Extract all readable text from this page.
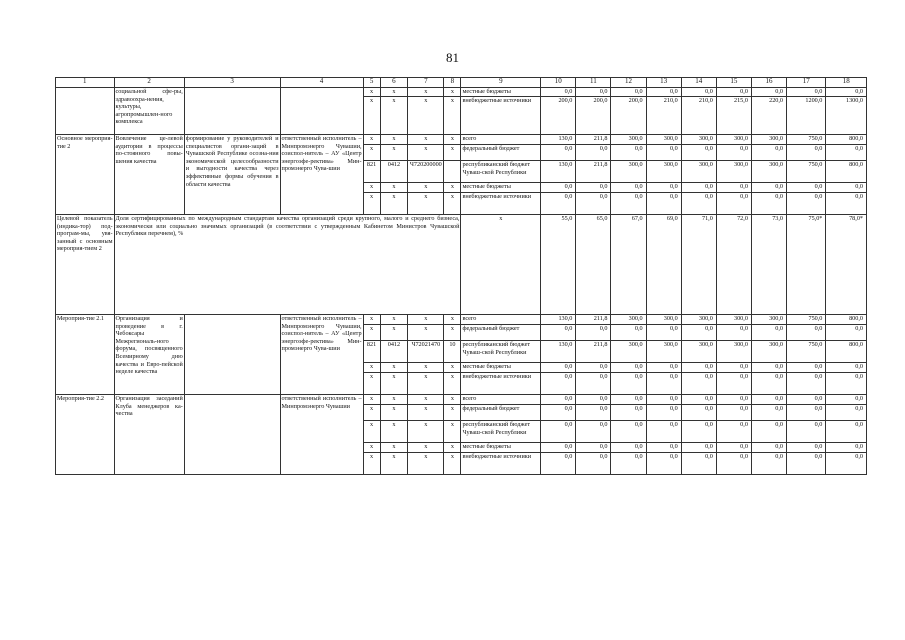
81
1	2	3	4	5	6	7	8	9	10	11	12	13	14	15	16	17	18
	социальной сфе-ры, здравоохра-нения, культуры, агропромышлен-ного комплекса			x	x	x	x	местные бюджеты	0,0	0,0	0,0	0,0	0,0	0,0	0,0	0,0	0,0
				x	x	x	x	внебюджетные источники	200,0	200,0	200,0	210,0	210,0	215,0	220,0	1200,0	1300,0
Основное мероприя-тие 2	Вовлечение це-левой аудитории в процессы по-стоянного повы-шения качества	формирование у руководителей и специалистов органи-заций в Чувашской Республике осозна-ния экономической целесообразности и выгодности качества через эффективные формы обучения в области качества	ответственный исполнитель – Минпромэнерго Чувашии, соиспол-нитель – АУ «Центр энергоэфе-ректива» Мин-промэнерго Чува-шии	x	x	x	x	всего	130,0	211,8	300,0	300,0	300,0	300,0	300,0	750,0	800,0
				x	x	x	x	федеральный бюджет	0,0	0,0	0,0	0,0	0,0	0,0	0,0	0,0	0,0
				821	0412	Ч720200000		республиканский бюджет Чуваш-ской Республики	130,0	211,8	300,0	300,0	300,0	300,0	300,0	750,0	800,0
				x	x	x	x	местные бюджеты	0,0	0,0	0,0	0,0	0,0	0,0	0,0	0,0	0,0
				x	x	x	x	внебюджетные источники	0,0	0,0	0,0	0,0	0,0	0,0	0,0	0,0	0,0
Целевой показатель (индика-тор) под-програм-мы, увя-занный с основным мероприя-тием 2	Доля сертифицированных по международным стандартам качества организаций среди крупного, малого и среднего бизнеса, экономически или социально значимых организаций (в соответствии с утвержденным Кабинетом Министров Чувашской Республики перечнем), %							x	55,0	65,0	67,0	69,0	71,0	72,0	73,0	75,0*	78,0*
Мероприя-тие 2.1	Организация и проведение в г. Чебоксары Межрегиональ-ного форума, посвященного Всемирному дню качества и Евро-пейской неделе качества		ответственный исполнитель – Минпромэнерго Чувашии, соиспол-нитель – АУ «Центр энергоэфе-ректива» Мин-промэнерго Чува-шии	x	x	x	x	всего	130,0	211,8	300,0	300,0	300,0	300,0	300,0	750,0	800,0
				x	x	x	x	федеральный бюджет	0,0	0,0	0,0	0,0	0,0	0,0	0,0	0,0	0,0
				821	0412	Ч72021470	10	республиканский бюджет Чуваш-ской Республики	130,0	211,8	300,0	300,0	300,0	300,0	300,0	750,0	800,0
				x	x	x	x	местные бюджеты	0,0	0,0	0,0	0,0	0,0	0,0	0,0	0,0	0,0
				x	x	x	x	внебюджетные источники	0,0	0,0	0,0	0,0	0,0	0,0	0,0	0,0	0,0
Мероприя-тие 2.2	Организация заседаний Клуба менеджеров ка-чества		ответственный исполнитель – Минпромэнерго Чувашии	x	x	x	x	всего	0,0	0,0	0,0	0,0	0,0	0,0	0,0	0,0	0,0
				x	x	x	x	федеральный бюджет	0,0	0,0	0,0	0,0	0,0	0,0	0,0	0,0	0,0
				x	x	x	x	республиканский бюджет Чуваш-ской Республики	0,0	0,0	0,0	0,0	0,0	0,0	0,0	0,0	0,0
				x	x	x	x	местные бюджеты	0,0	0,0	0,0	0,0	0,0	0,0	0,0	0,0	0,0
				x	x	x	x	внебюджетные источники	0,0	0,0	0,0	0,0	0,0	0,0	0,0	0,0	0,0
